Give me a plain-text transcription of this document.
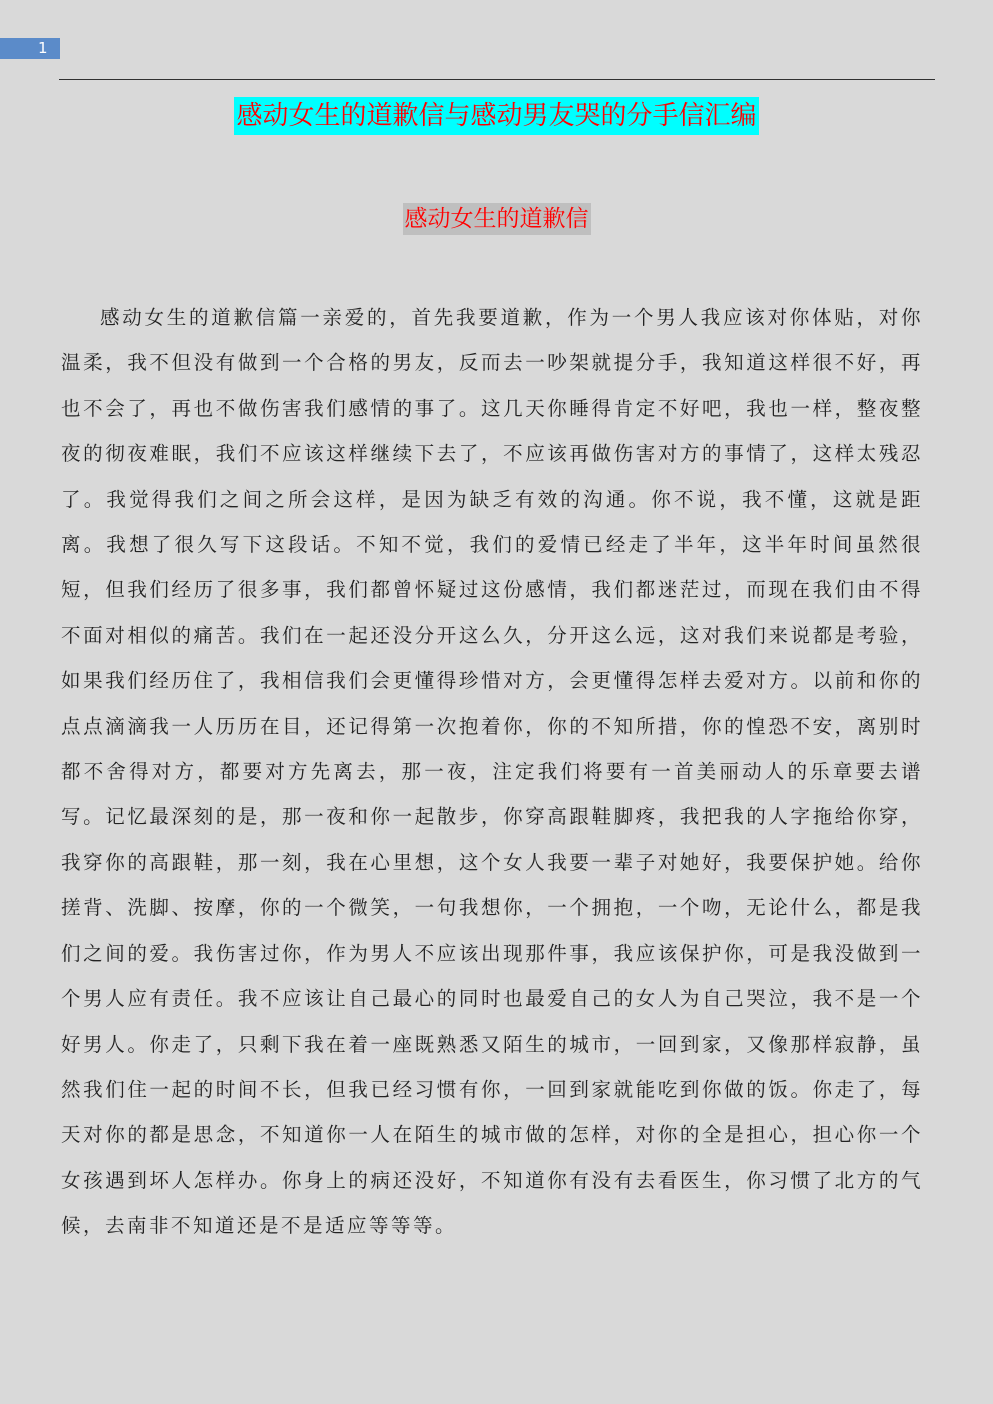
1
感动女生的道歉信与感动男友哭的分手信汇编
感动女生的道歉信

感动女生的道歉信篇一亲爱的，首先我要道歉，作为一个男人我应该对你体贴，对你温柔，我不但没有做到一个合格的男友，反而去一吵架就提分手，我知道这样很不好，再也不会了，再也不做伤害我们感情的事了。这几天你睡得肯定不好吧，我也一样，整夜整夜的彻夜难眠，我们不应该这样继续下去了，不应该再做伤害对方的事情了，这样太残忍了。我觉得我们之间之所会这样，是因为缺乏有效的沟通。你不说，我不懂，这就是距离。我想了很久写下这段话。不知不觉，我们的爱情已经走了半年，这半年时间虽然很短，但我们经历了很多事，我们都曾怀疑过这份感情，我们都迷茫过，而现在我们由不得不面对相似的痛苦。我们在一起还没分开这么久，分开这么远，这对我们来说都是考验，如果我们经历住了，我相信我们会更懂得珍惜对方，会更懂得怎样去爱对方。以前和你的点点滴滴我一人历历在目，还记得第一次抱着你，你的不知所措，你的惶恐不安，离别时都不舍得对方，都要对方先离去，那一夜，注定我们将要有一首美丽动人的乐章要去谱写。记忆最深刻的是，那一夜和你一起散步，你穿高跟鞋脚疼，我把我的人字拖给你穿，我穿你的高跟鞋，那一刻，我在心里想，这个女人我要一辈子对她好，我要保护她。给你搓背、洗脚、按摩，你的一个微笑，一句我想你，一个拥抱，一个吻，无论什么，都是我们之间的爱。我伤害过你，作为男人不应该出现那件事，我应该保护你，可是我没做到一个男人应有责任。我不应该让自己最心的同时也最爱自己的女人为自己哭泣，我不是一个好男人。你走了，只剩下我在着一座既熟悉又陌生的城市，一回到家，又像那样寂静，虽然我们住一起的时间不长，但我已经习惯有你，一回到家就能吃到你做的饭。你走了，每天对你的都是思念，不知道你一人在陌生的城市做的怎样，对你的全是担心，担心你一个女孩遇到坏人怎样办。你身上的病还没好，不知道你有没有去看医生，你习惯了北方的气候，去南非不知道还是不是适应等等等。
